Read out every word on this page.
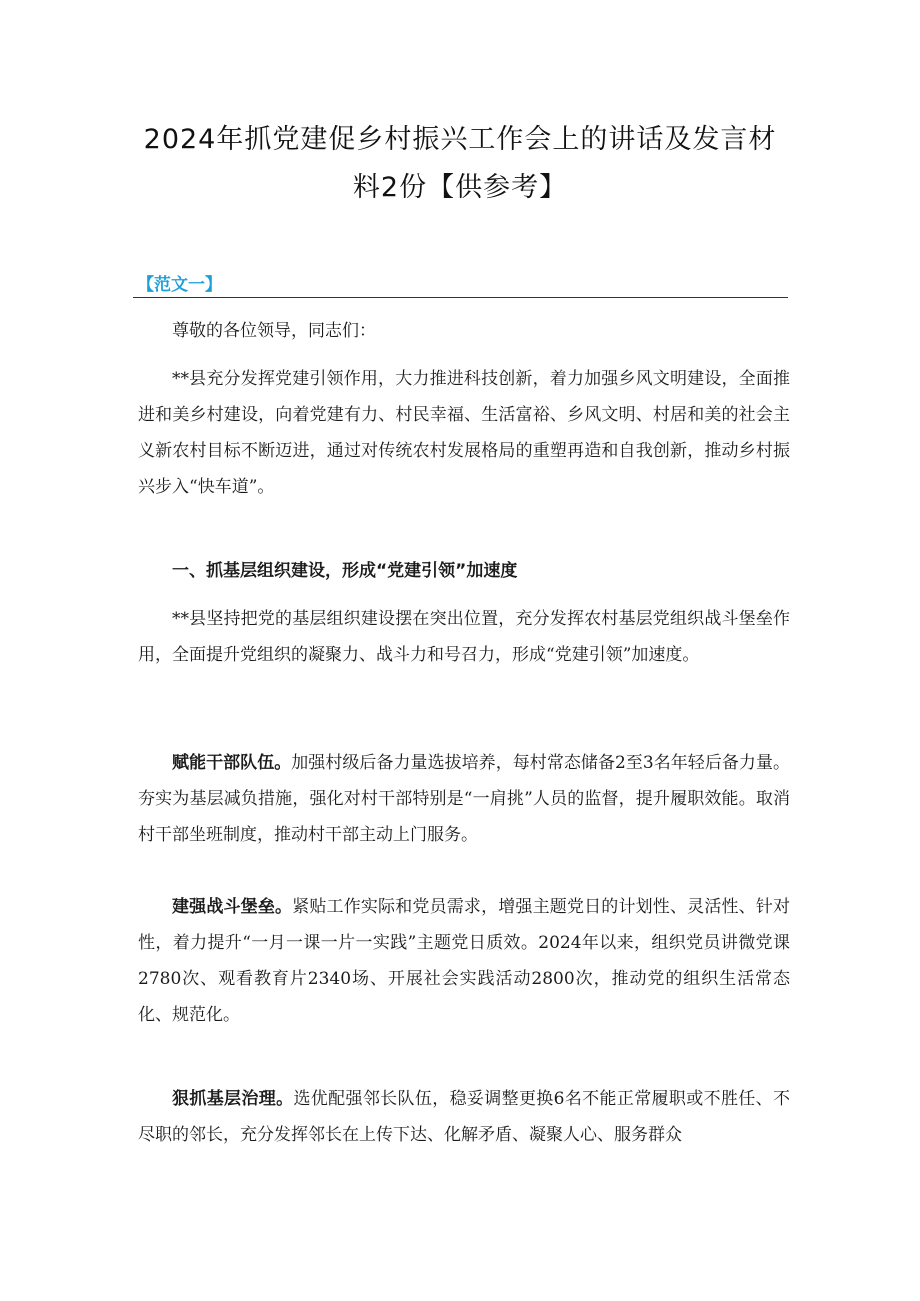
2024年抓党建促乡村振兴工作会上的讲话及发言材料2份【供参考】
【范文一】

尊敬的各位领导，同志们：

**县充分发挥党建引领作用，大力推进科技创新，着力加强乡风文明建设，全面推进和美乡村建设，向着党建有力、村民幸福、生活富裕、乡风文明、村居和美的社会主义新农村目标不断迈进，通过对传统农村发展格局的重塑再造和自我创新，推动乡村振兴步入“快车道”。

一、抓基层组织建设，形成“党建引领”加速度

**县坚持把党的基层组织建设摆在突出位置，充分发挥农村基层党组织战斗堡垒作用，全面提升党组织的凝聚力、战斗力和号召力，形成“党建引领”加速度。

赋能干部队伍。加强村级后备力量选拔培养，每村常态储备2至3名年轻后备力量。夯实为基层减负措施，强化对村干部特别是“一肩挑”人员的监督，提升履职效能。取消村干部坐班制度，推动村干部主动上门服务。

建强战斗堡垒。紧贴工作实际和党员需求，增强主题党日的计划性、灵活性、针对性，着力提升“一月一课一片一实践”主题党日质效。2024年以来，组织党员讲微党课2780次、观看教育片2340场、开展社会实践活动2800次，推动党的组织生活常态化、规范化。

狠抓基层治理。选优配强邻长队伍，稳妥调整更换6名不能正常履职或不胜任、不尽职的邻长，充分发挥邻长在上传下达、化解矛盾、凝聚人心、服务群众
